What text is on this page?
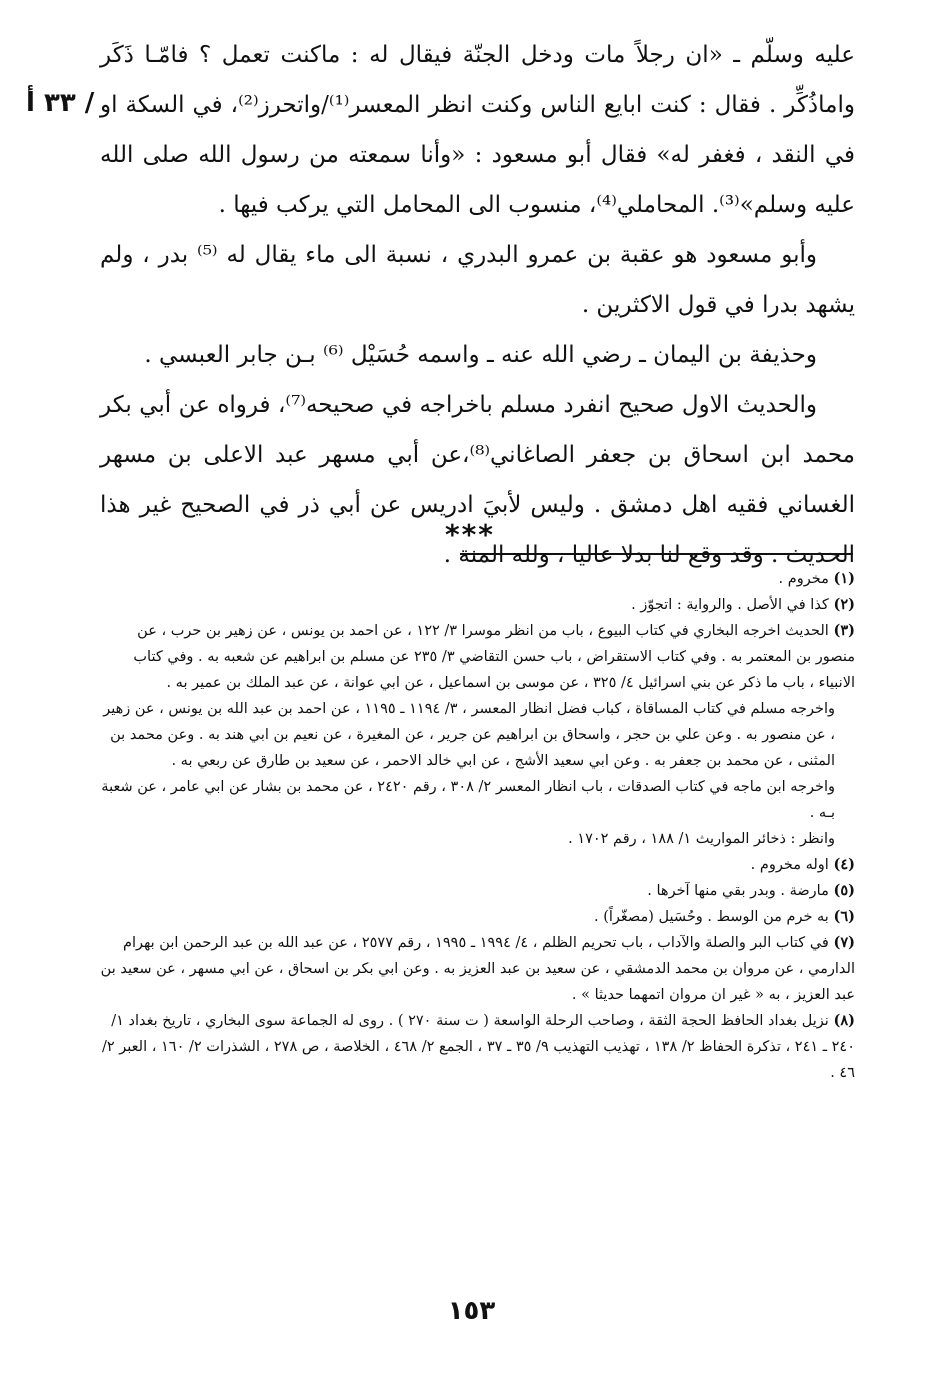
/ ٣٣ أ

عليه وسلّم ـ «ان رجلاً مات ودخل الجنّة فيقال له : ماكنت تعمل ؟ فامّـا ذَكَر واماذُكِّر . فقال : كنت ابايع الناس وكنت انظر المعسر⁽¹⁾/واتحرز⁽²⁾، في السكة او في النقد ، فغفر له» فقال أبو مسعود : «وأنا سمعته من رسول الله صلى الله عليه وسلم»⁽³⁾. المحاملي⁽⁴⁾، منسوب الى المحامل التي يركب فيها .

وأبو مسعود هو عقبة بن عمرو البدري ، نسبة الى ماء يقال له ⁽⁵⁾ بدر ، ولم يشهد بدرا في قول الاكثرين .

وحذيفة بن اليمان ـ رضي الله عنه ـ واسمه حُسَيْل ⁽⁶⁾ بـن جابر العبسي .

والحديث الاول صحيح انفرد مسلم باخراجه في صحيحه⁽⁷⁾، فرواه عن أبي بكر محمد ابن اسحاق بن جعفر الصاغاني⁽⁸⁾،عن أبي مسهر عبد الاعلى بن مسهر الغساني فقيه اهل دمشق . وليس لأبيَ ادريس عن أبي ذر في الصحيح غير هذا الحديث . وقد وقع لنا بدلا عاليا ، ولله المنة .

***

(١) مخروم .

(٢) كذا في الأصل . والرواية : اتجوّز .

(٣) الحديث اخرجه البخاري في كتاب البيوع ، باب من انظر موسرا ٣/ ١٢٢ ، عن احمد بن يونس ، عن زهير بن حرب ، عن منصور بن المعتمر به . وفي كتاب الاستقراض ، باب حسن التقاضي ٣/ ٢٣٥ عن مسلم بن ابراهيم عن شعبه به . وفي كتاب الانبياء ، باب ما ذكر عن بني اسرائيل ٤/ ٣٢٥ ، عن موسى بن اسماعيل ، عن ابي عوانة ، عن عبد الملك بن عمير به .

واخرجه مسلم في كتاب المساقاة ، كباب فضل انظار المعسر ، ٣/ ١١٩٤ ـ ١١٩٥ ، عن احمد بن عبد الله بن يونس ، عن زهير ، عن منصور به . وعن علي بن حجر ، واسحاق بن ابراهيم عن جرير ، عن المغيرة ، عن نعيم بن ابي هند به . وعن محمد بن المثنى ، عن محمد بن جعفر به . وعن ابي سعيد الأشج ، عن ابي خالد الاحمر ، عن سعيد بن طارق عن ربعي به .

واخرجه ابن ماجه في كتاب الصدقات ، باب انظار المعسر ٢/ ٣٠٨ ، رقم ٢٤٢٠ ، عن محمد بن بشار عن ابي عامر ، عن شعبة بـه .

وانظر : ذخائر المواريث ١/ ١٨٨ ، رقم ١٧٠٢ .

(٤) اوله مخروم .

(٥) مارضة . وبدر بقي منها آخرها .

(٦) به خرم من الوسط . وحُسَيل (مصغّراً) .

(٧) في كتاب البر والصلة والآداب ، باب تحريم الظلم ، ٤/ ١٩٩٤ ـ ١٩٩٥ ، رقم ٢٥٧٧ ، عن عبد الله بن عبد الرحمن ابن بهرام الدارمي ، عن مروان بن محمد الدمشقي ، عن سعيد بن عبد العزيز به . وعن ابي بكر بن اسحاق ، عن ابي مسهر ، عن سعيد بن عبد العزيز ، به « غير ان مروان اتمهما حديثا » .

(٨) نزيل بغداد الحافظ الحجة الثقة ، وصاحب الرحلة الواسعة ( ت سنة ٢٧٠ ) . روى له الجماعة سوى البخاري ، تاريخ بغداد ١/ ٢٤٠ ـ ٢٤١ ، تذكرة الحفاظ ٢/ ١٣٨ ، تهذيب التهذيب ٩/ ٣٥ ـ ٣٧ ، الجمع ٢/ ٤٦٨ ، الخلاصة ، ص ٢٧٨ ، الشذرات ٢/ ١٦٠ ، العبر ٢/ ٤٦ .

١٥٣
